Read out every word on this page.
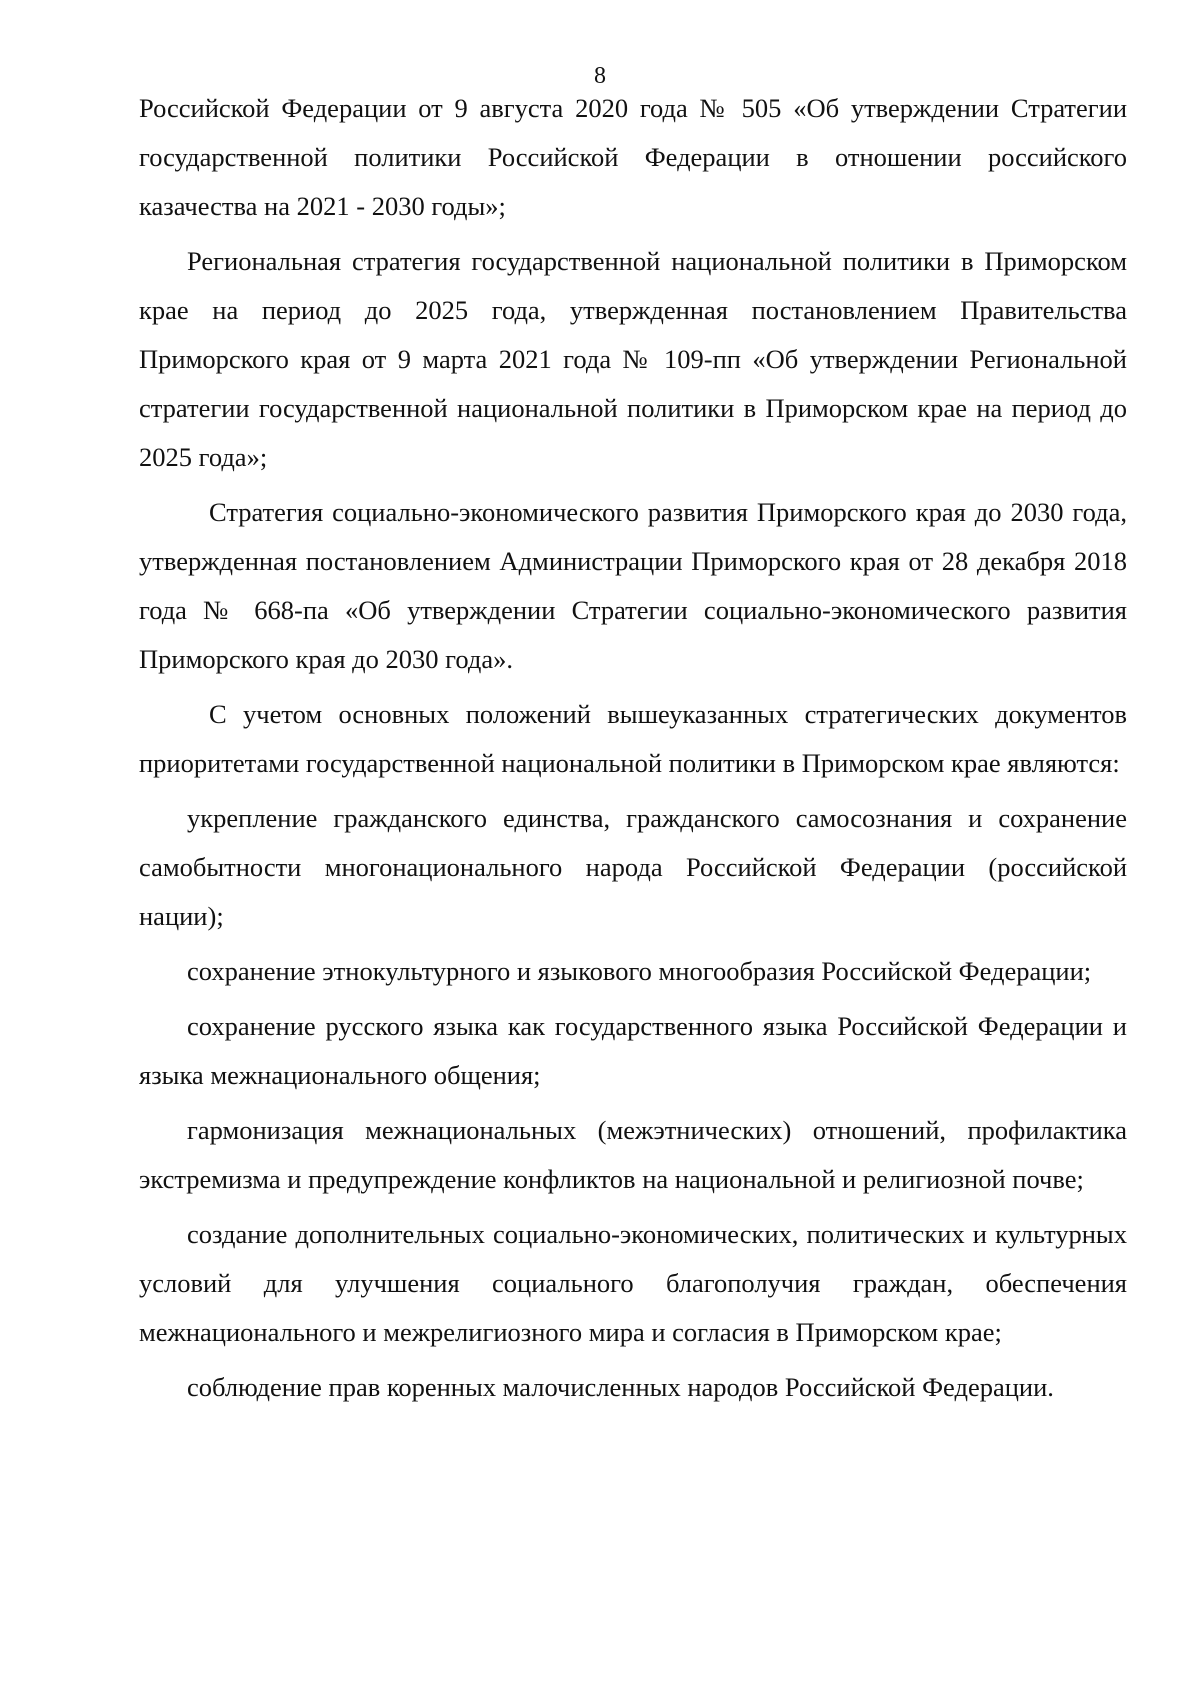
8

Российской Федерации от 9 августа 2020 года № 505 «Об утверждении Стратегии государственной политики Российской Федерации в отношении российского казачества на 2021 - 2030 годы»;

Региональная стратегия государственной национальной политики в Приморском крае на период до 2025 года, утвержденная постановлением Правительства Приморского края от 9 марта 2021 года № 109-пп «Об утверждении Региональной стратегии государственной национальной политики в Приморском крае на период до 2025 года»;

Стратегия социально-экономического развития Приморского края до 2030 года, утвержденная постановлением Администрации Приморского края от 28 декабря 2018 года № 668-па «Об утверждении Стратегии социально-экономического развития Приморского края до 2030 года».

С учетом основных положений вышеуказанных стратегических документов приоритетами государственной национальной политики в Приморском крае являются:

укрепление гражданского единства, гражданского самосознания и сохранение самобытности многонационального народа Российской Федерации (российской нации);

сохранение этнокультурного и языкового многообразия Российской Федерации;

сохранение русского языка как государственного языка Российской Федерации и языка межнационального общения;

гармонизация межнациональных (межэтнических) отношений, профилактика экстремизма и предупреждение конфликтов на национальной и религиозной почве;

создание дополнительных социально-экономических, политических и культурных условий для улучшения социального благополучия граждан, обеспечения межнационального и межрелигиозного мира и согласия в Приморском крае;

соблюдение прав коренных малочисленных народов Российской Федерации.
